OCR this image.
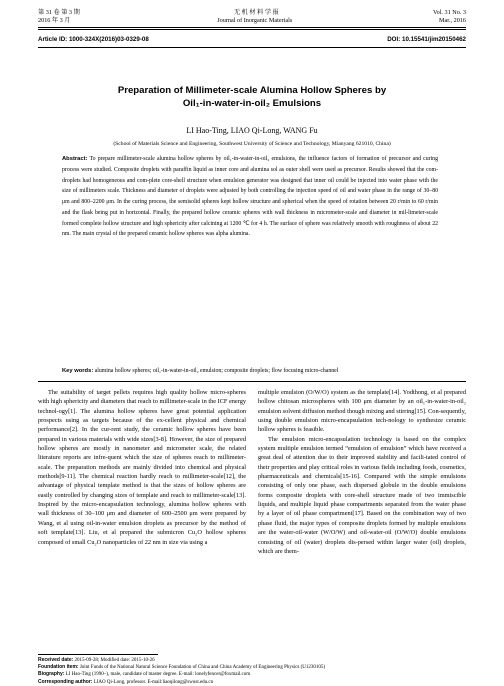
第 31 卷 第 3 期	无 机 材 料 学 报	Vol. 31 No. 3
2016 年 3 月	Journal of Inorganic Materials	Mar., 2016
Article ID: 1000-324X(2016)03-0329-08	DOI: 10.15541/jim20150462
Preparation of Millimeter-scale Alumina Hollow Spheres by
Oil₁-in-water-in-oil₂ Emulsions
LI Hao-Ting, LIAO Qi-Long, WANG Fu
(School of Materials Science and Engineering, Southwest University of Science and Technology, Mianyang 621010, China)
Abstract: To prepare millimeter-scale alumina hollow spheres by oil₁-in-water-in-oil₂ emulsions, the influence factors of formation of precursor and curing process were studied. Composite droplets with paraffin liquid as inner core and alumina sol as outer shell were used as precursor. Results showed that the com-droplets had homogeneous and com-plete core-shell structure when emulsion generator was designed that inner oil could be injected into water phase with the size of millimeters scale. Thickness and diameter of droplets were adjusted by both controlling the injection speed of oil and water phase in the range of 30–80 μm and 800–2200 μm. In the curing process, the semisolid spheres kept hollow structure and spherical when the speed of rotation between 20 r/min to 60 r/min and the flask being put in horizontal. Finally, the prepared hollow ceramic spheres with wall thickness in micrometer-scale and diameter in mil-limeter-scale formed complete hollow structure and high sphericity after calcining at 1200 ℃ for 4 h. The surface of sphere was relatively smooth with roughness of about 22 nm. The main crystal of the prepared ceramic hollow spheres was alpha alumina.
Key words: alumina hollow spheres; oil₁-in-water-in-oil₂ emulsion; composite droplets; flow focusing micro-channel

The suitability of target pellets requires high quality hollow micro-spheres with high sphericity and diameters that reach to millimeter-scale in the ICF energy technol-ogy[1]. The alumina hollow spheres have great potential application prospects using as targets because of the ex-cellent physical and chemical performance[2]. In the cur-rent study, the ceramic hollow spheres have been prepared in various materials with wide sizes[3-8]. However, the size of prepared hollow spheres are mostly in nanometer and micrometer scale, the related literature reports are infre-quent which the size of spheres reach to millimeter-scale. The preparation methods are mainly divided into chemical and physical methods[9-11]. The chemical reaction hardly reach to millimeter-scale[12], the advantage of physical template method is that the sizes of hollow spheres are easily controlled by changing sizes of template and reach to millimeter-scale[13]. Inspired by the micro-encapsulation technology, alumina hollow spheres with wall thickness of 30–100 μm and diameter of 600–2500 μm were prepared by Wang, et al using oil-in-water emulsion droplets as precursor by the method of soft template[13]. Liu, et al prepared the submicron Cu₂O hollow spheres composed of small Cu₂O nanoparticles of 22 nm in size via using a

multiple emulsion (O/W/O) system as the template[14]. Yodthong, et al prepared hollow chitosan microspheres with 100 μm diameter by an oil₁-in-water-in-oil₂ emulsion solvent diffusion method though mixing and stirring[15]. Con-sequently, using double emulsion micro-encapsulation tech-nology to synthesize ceramic hollow spheres is feasible.

The emulsion micro-encapsulation technology is based on the complex system multiple emulsion termed “emulsion of emulsion” which have received a great deal of attention due to their improved stability and facili-tated control of their properties and play critical roles in various fields including foods, cosmetics, pharmaceuticals and chemicals[15-16]. Compared with the simple emulsions consisting of only one phase, each dispersed globule in the double emulsions forms composite droplets with core-shell structure made of two immiscible liquids, and multiple liquid phase compartments separated from the water phase by a layer of oil phase compartment[17]. Based on the combination way of two phase fluid, the major types of composite droplets formed by multiple emulsions are the water-oil-water (W/O/W) and oil-water-oil (O/W/O) double emulsions consisting of oil (water) droplets dis-persed within larger water (oil) droplets, which are them-

Received date: 2015-09-28; Modified date: 2015-10-26
Foundation item: Joint Funds of the National Natural Science Foundation of China and China Academy of Engineering Physics (U1230105)
Biography: LI Hao-Ting (1990–), male, candidate of master degree. E-mail: lonelyfencer@foxmail.com
Corresponding author: LIAO Qi-Long, professor. E-mail:liaoqilong@swust.edu.cn
